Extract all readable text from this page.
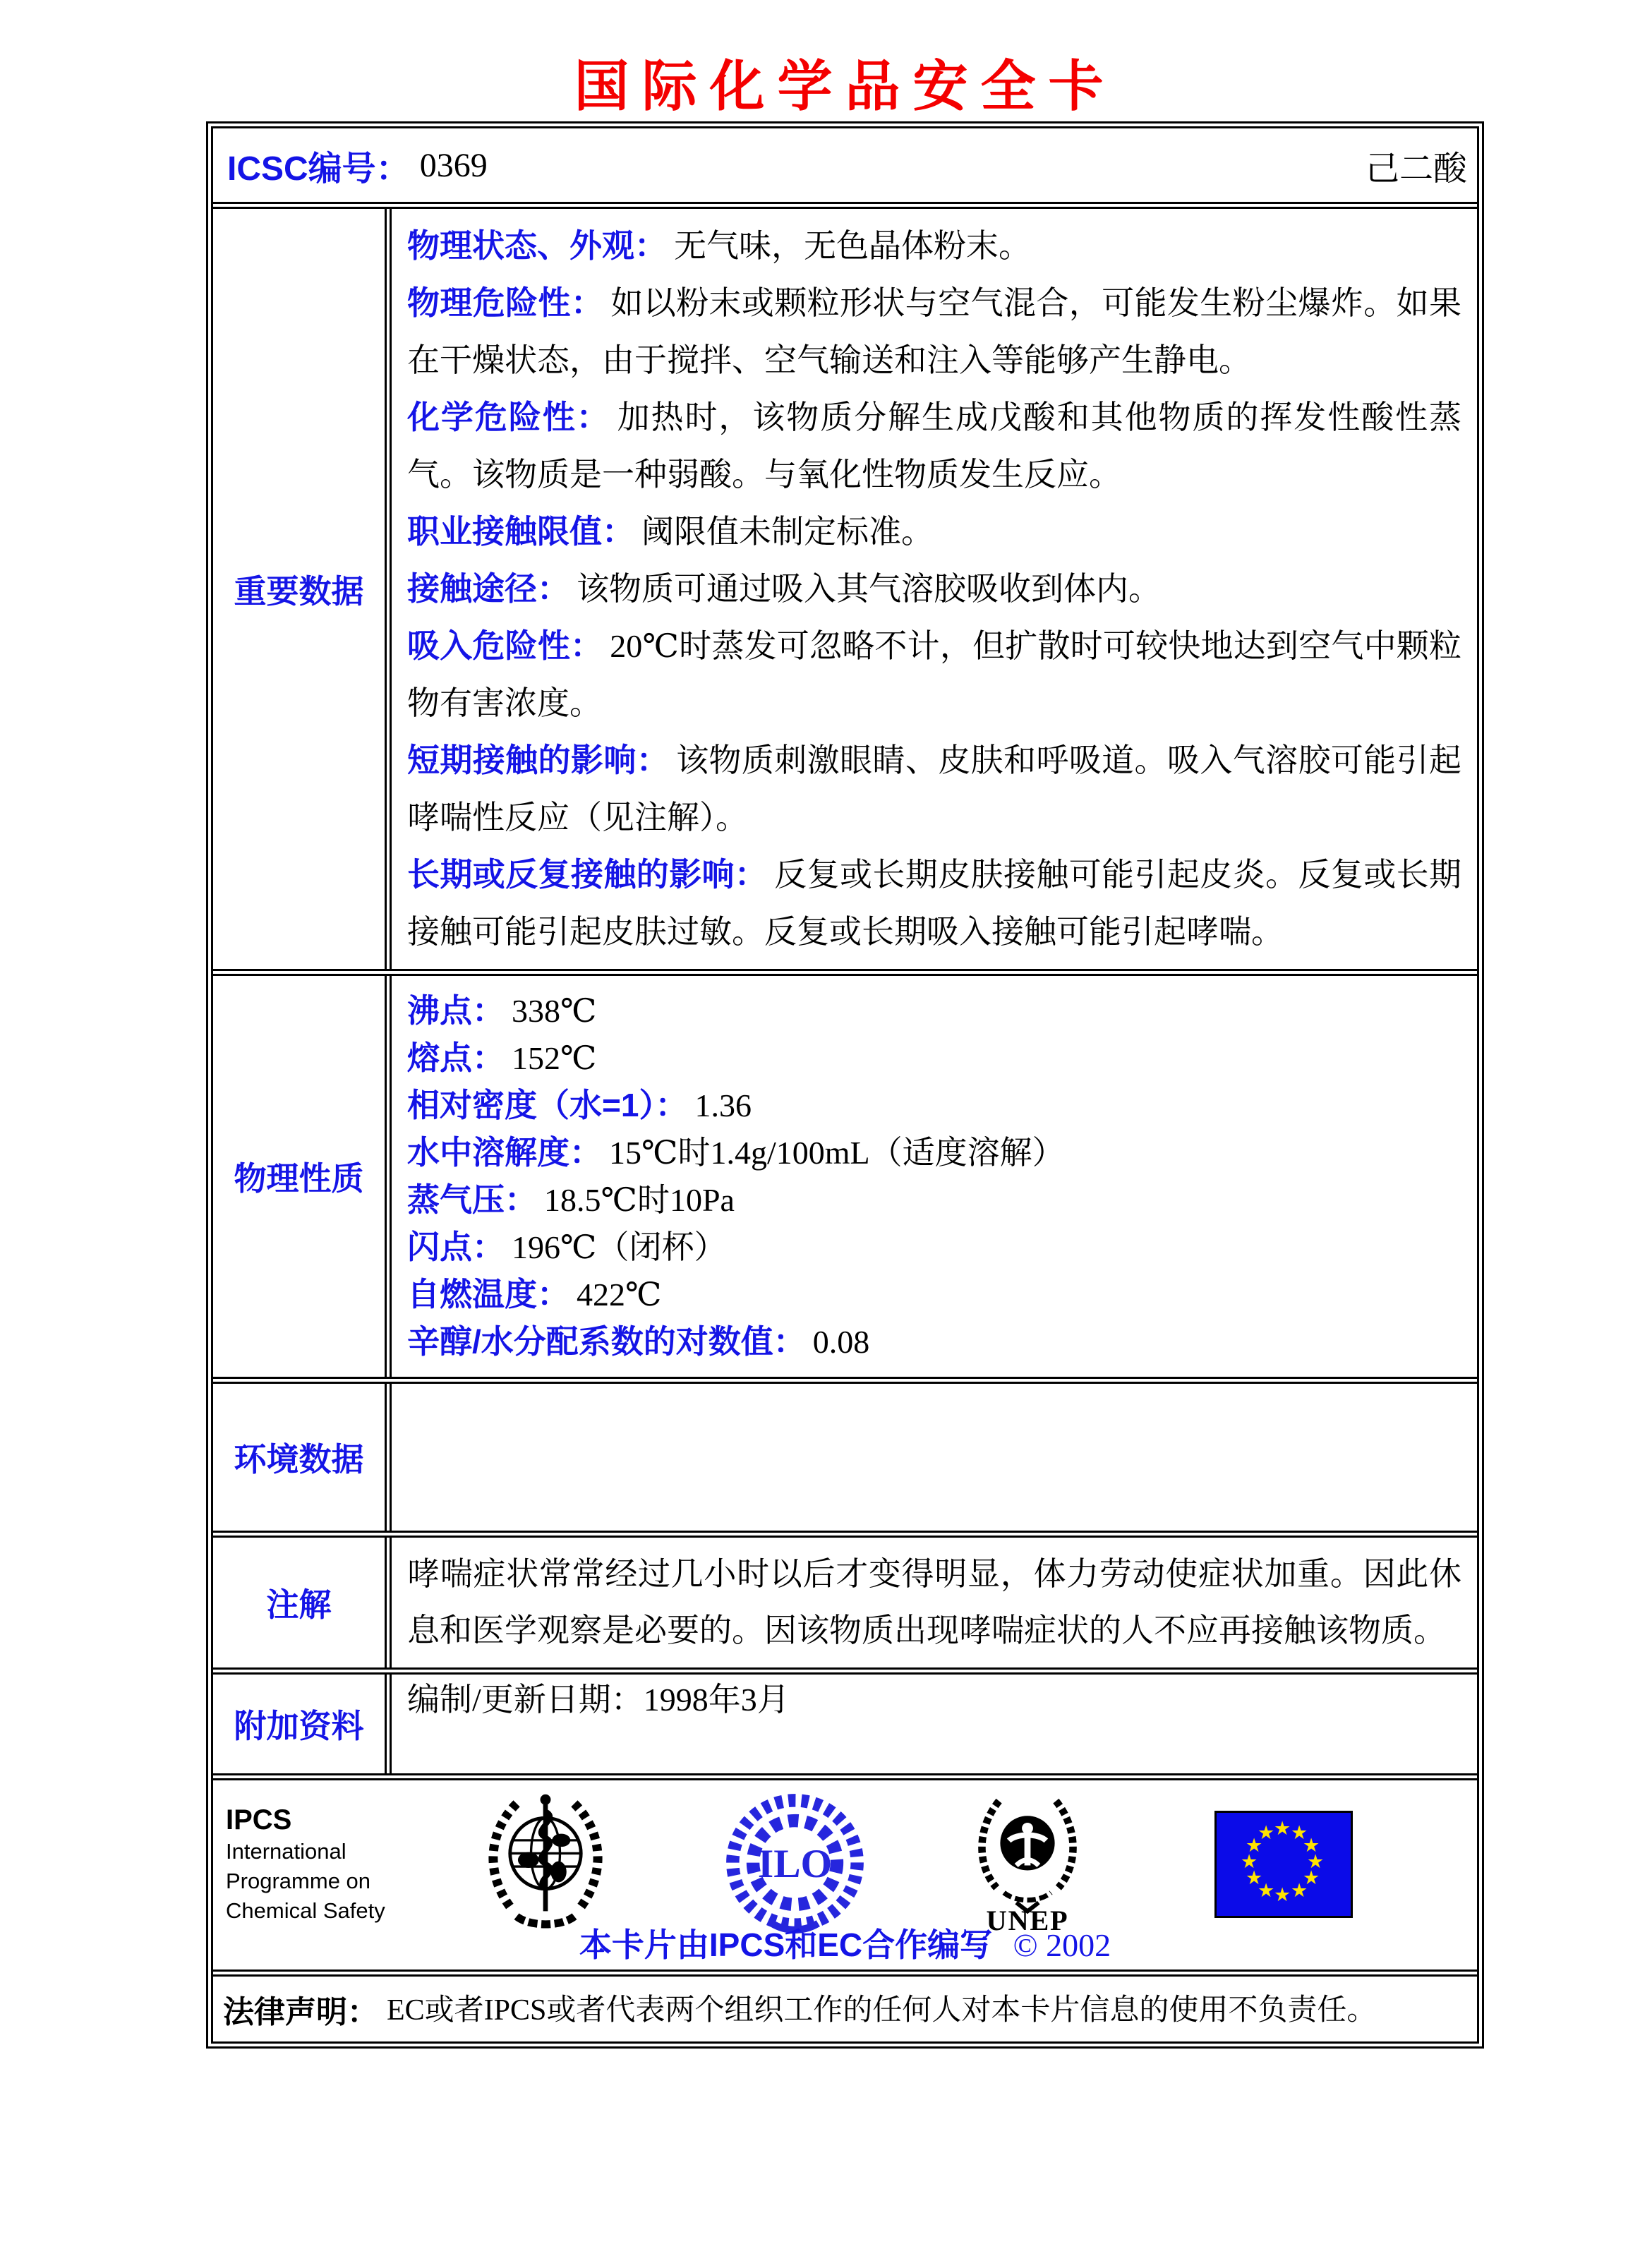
国际化学品安全卡
ICSC编号： 0369	己二酸
重要数据

物理状态、外观： 无气味，无色晶体粉末。

物理危险性： 如以粉末或颗粒形状与空气混合，可能发生粉尘爆炸。如果在干燥状态，由于搅拌、空气输送和注入等能够产生静电。

化学危险性： 加热时，该物质分解生成戊酸和其他物质的挥发性酸性蒸气。该物质是一种弱酸。与氧化性物质发生反应。

职业接触限值： 阈限值未制定标准。

接触途径： 该物质可通过吸入其气溶胶吸收到体内。

吸入危险性： 20℃时蒸发可忽略不计，但扩散时可较快地达到空气中颗粒物有害浓度。

短期接触的影响： 该物质刺激眼睛、皮肤和呼吸道。吸入气溶胶可能引起哮喘性反应（见注解）。

长期或反复接触的影响： 反复或长期皮肤接触可能引起皮炎。反复或长期接触可能引起皮肤过敏。反复或长期吸入接触可能引起哮喘。

物理性质

沸点： 338℃

熔点： 152℃

相对密度（水=1）： 1.36

水中溶解度： 15℃时1.4g/100mL（适度溶解）

蒸气压： 18.5℃时10Pa

闪点： 196℃（闭杯）

自燃温度： 422℃

辛醇/水分配系数的对数值： 0.08

环境数据
注解

哮喘症状常常经过几小时以后才变得明显，体力劳动使症状加重。因此休息和医学观察是必要的。因该物质出现哮喘症状的人不应再接触该物质。

附加资料

编制/更新日期：1998年3月

IPCS
International
Programme on
Chemical Safety
ILO
UNEP
★ ★
★
★
★
★
★
★
★
★
★
★
本卡片由IPCS和EC合作编写 © 2002
法律声明： EC或者IPCS或者代表两个组织工作的任何人对本卡片信息的使用不负责任。
